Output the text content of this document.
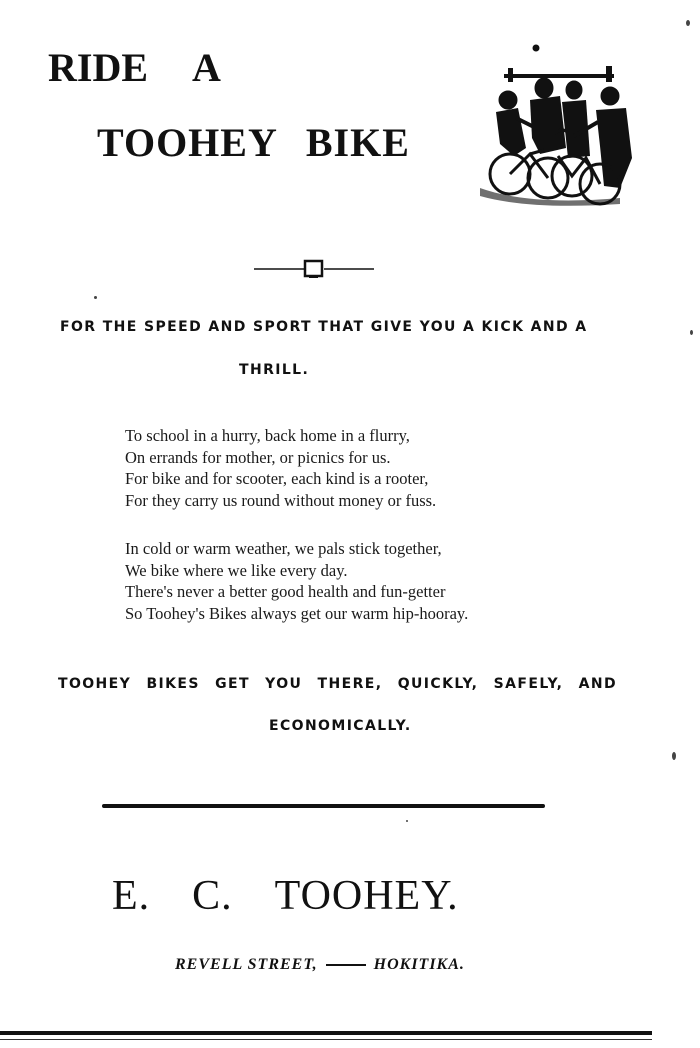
RIDE A
TOOHEY BIKE
FOR THE SPEED AND SPORT THAT GIVE YOU A KICK AND A
THRILL.
To school in a hurry, back home in a flurry,
On errands for mother, or picnics for us.
For bike and for scooter, each kind is a rooter,
For they carry us round without money or fuss.
In cold or warm weather, we pals stick together,
We bike where we like every day.
There's never a better good health and fun-getter
So Toohey's Bikes always get our warm hip-hooray.
TOOHEY BIKES GET YOU THERE, QUICKLY, SAFELY, AND
ECONOMICALLY.
E. C. TOOHEY.
REVELL STREET,	HOKITIKA.
